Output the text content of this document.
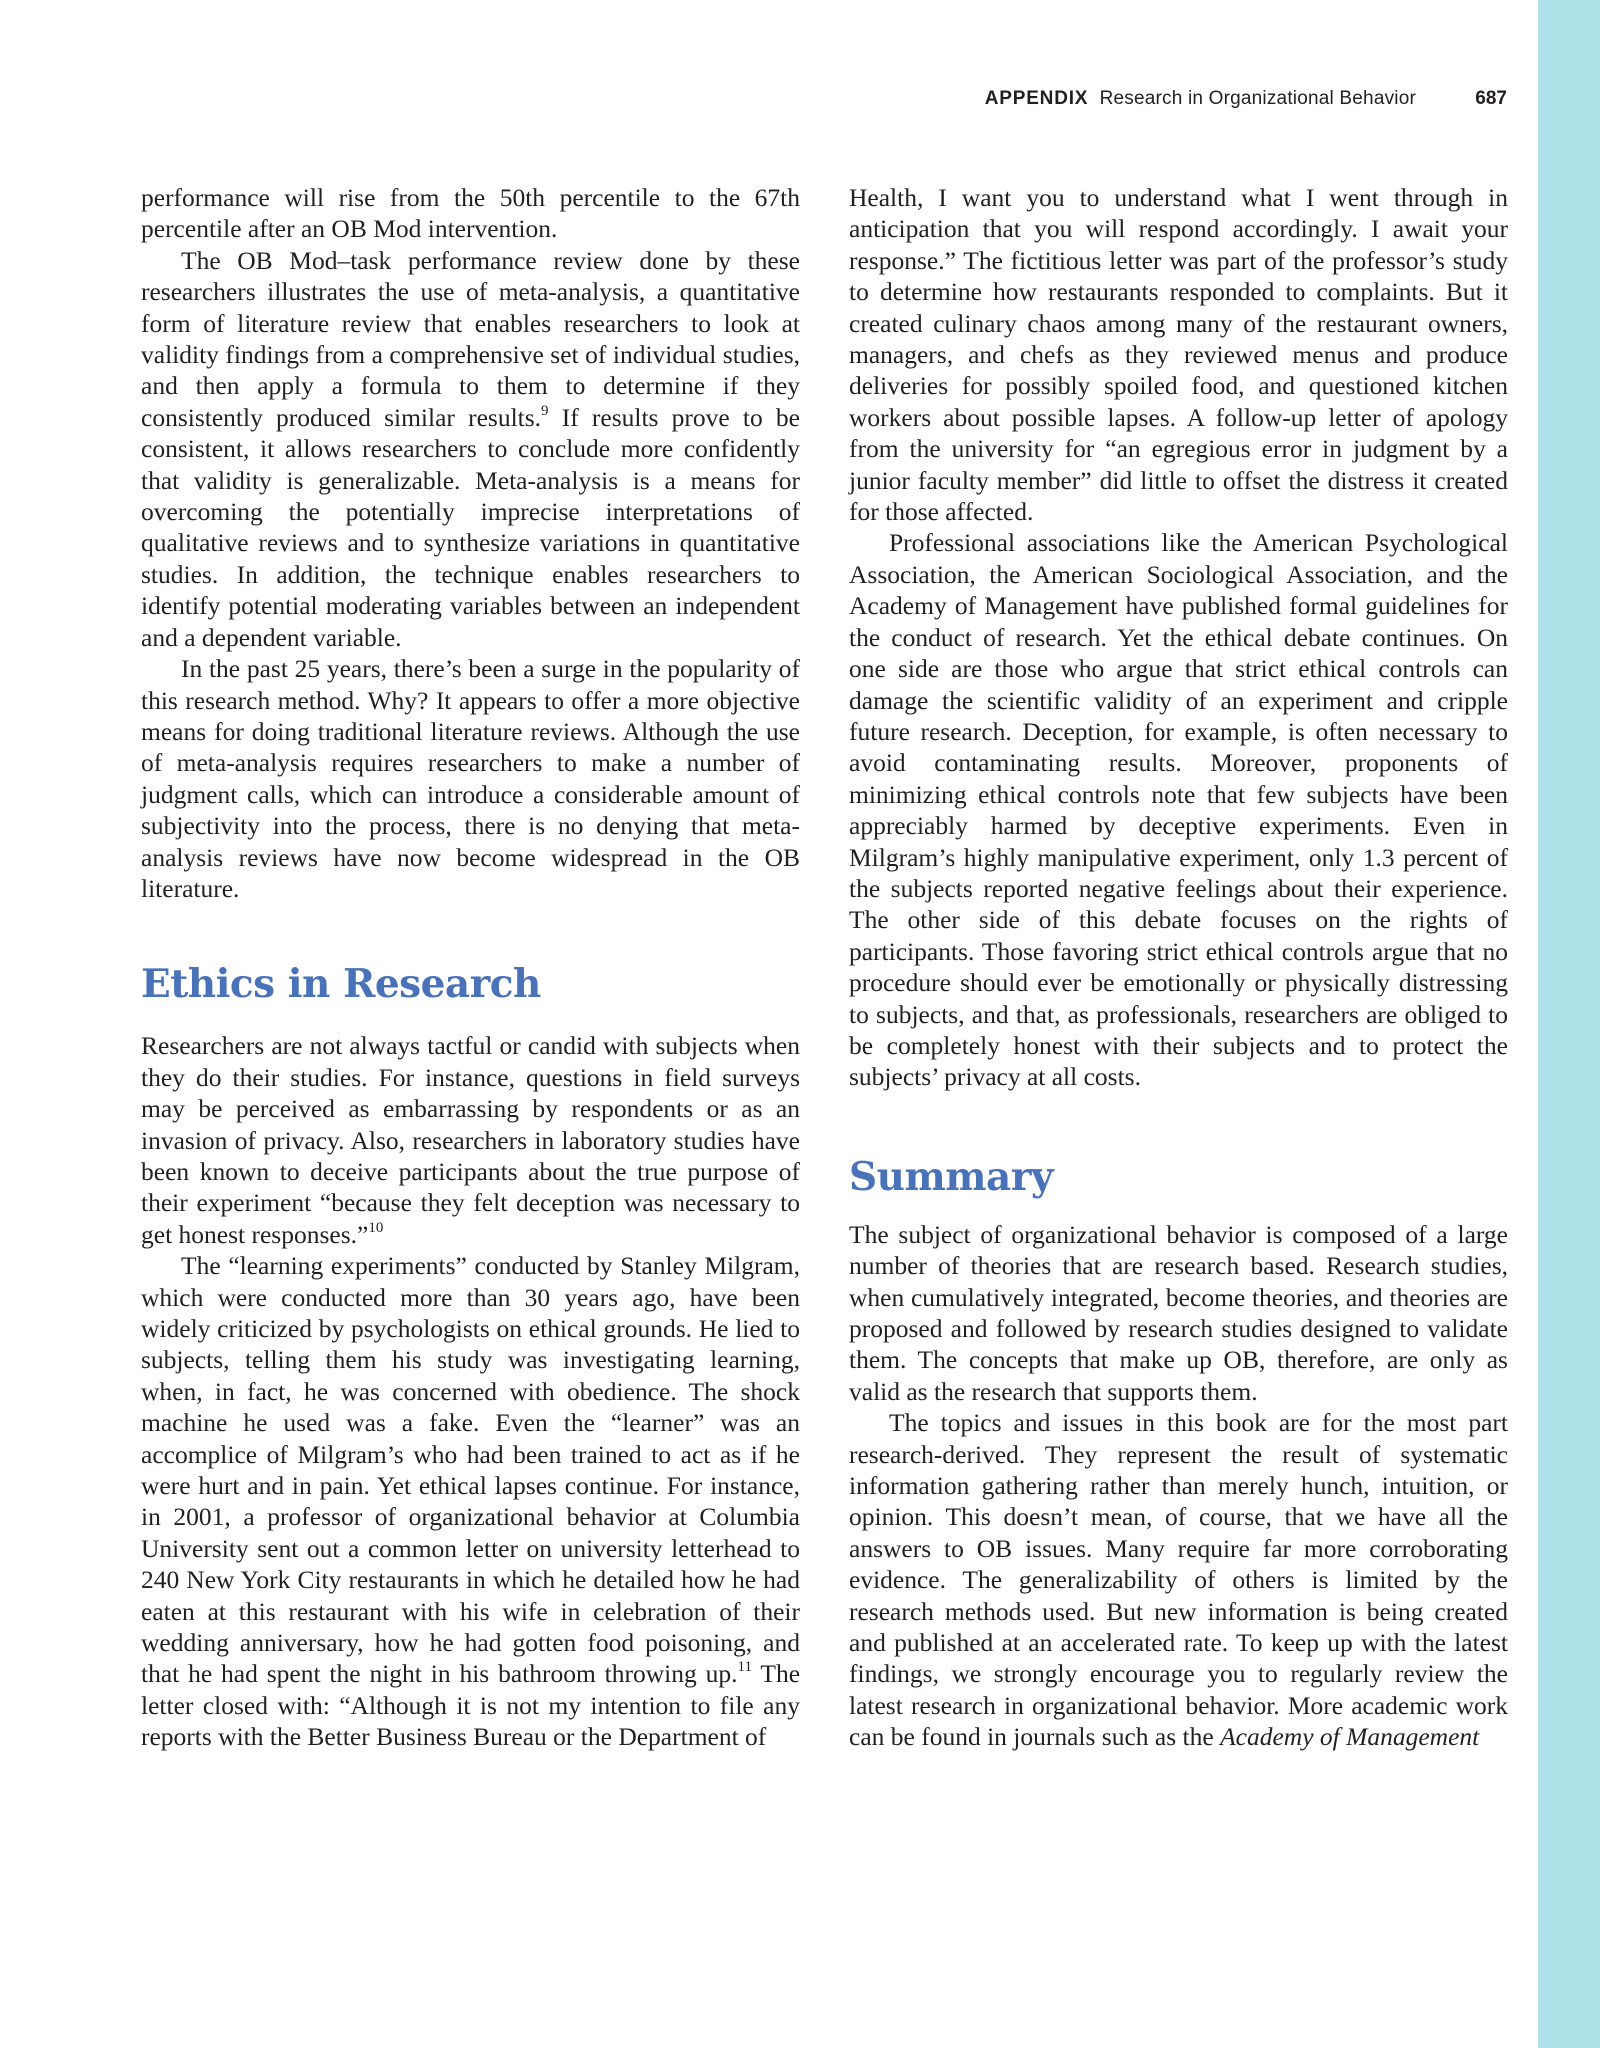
APPENDIX Research in Organizational Behavior	687

performance will rise from the 50th percentile to the 67th percentile after an OB Mod intervention.

The OB Mod–task performance review done by these researchers illustrates the use of meta-analysis, a quantitative form of literature review that enables researchers to look at validity findings from a comprehensive set of individual studies, and then apply a formula to them to determine if they consistently produced similar results.$^9$ If results prove to be consistent, it allows researchers to conclude more confidently that validity is generalizable. Meta-analysis is a means for overcoming the potentially imprecise interpretations of qualitative reviews and to synthesize variations in quantitative studies. In addition, the technique enables researchers to identify potential moderating variables between an independent and a dependent variable.

In the past 25 years, there’s been a surge in the popularity of this research method. Why? It appears to offer a more objective means for doing traditional literature reviews. Although the use of meta-analysis requires researchers to make a number of judgment calls, which can introduce a considerable amount of subjectivity into the process, there is no denying that meta-analysis reviews have now become widespread in the OB literature.

Ethics in Research

Researchers are not always tactful or candid with subjects when they do their studies. For instance, questions in field surveys may be perceived as embarrassing by respondents or as an invasion of privacy. Also, researchers in laboratory studies have been known to deceive participants about the true purpose of their experiment “because they felt deception was necessary to get honest responses.”$^{10}$

The “learning experiments” conducted by Stanley Milgram, which were conducted more than 30 years ago, have been widely criticized by psychologists on ethical grounds. He lied to subjects, telling them his study was investigating learning, when, in fact, he was concerned with obedience. The shock machine he used was a fake. Even the “learner” was an accomplice of Milgram’s who had been trained to act as if he were hurt and in pain. Yet ethical lapses continue. For instance, in 2001, a professor of organizational behavior at Columbia University sent out a common letter on university letterhead to 240 New York City restaurants in which he detailed how he had eaten at this restaurant with his wife in celebration of their wedding anniversary, how he had gotten food poisoning, and that he had spent the night in his bathroom throwing up.$^{11}$ The letter closed with: “Although it is not my intention to file any reports with the Better Business Bureau or the Department of

Health, I want you to understand what I went through in anticipation that you will respond accordingly. I await your response.” The fictitious letter was part of the professor’s study to determine how restaurants responded to complaints. But it created culinary chaos among many of the restaurant owners, managers, and chefs as they reviewed menus and produce deliveries for possibly spoiled food, and questioned kitchen workers about possible lapses. A follow-up letter of apology from the university for “an egregious error in judgment by a junior faculty member” did little to offset the distress it created for those affected.

Professional associations like the American Psychological Association, the American Sociological Association, and the Academy of Management have published formal guidelines for the conduct of research. Yet the ethical debate continues. On one side are those who argue that strict ethical controls can damage the scientific validity of an experiment and cripple future research. Deception, for example, is often necessary to avoid contaminating results. Moreover, proponents of minimizing ethical controls note that few subjects have been appreciably harmed by deceptive experiments. Even in Milgram’s highly manipulative experiment, only 1.3 percent of the subjects reported negative feelings about their experience. The other side of this debate focuses on the rights of participants. Those favoring strict ethical controls argue that no procedure should ever be emotionally or physically distressing to subjects, and that, as professionals, researchers are obliged to be completely honest with their subjects and to protect the subjects’ privacy at all costs.

Summary

The subject of organizational behavior is composed of a large number of theories that are research based. Research studies, when cumulatively integrated, become theories, and theories are proposed and followed by research studies designed to validate them. The concepts that make up OB, therefore, are only as valid as the research that supports them.

The topics and issues in this book are for the most part research-derived. They represent the result of systematic information gathering rather than merely hunch, intuition, or opinion. This doesn’t mean, of course, that we have all the answers to OB issues. Many require far more corroborating evidence. The generalizability of others is limited by the research methods used. But new information is being created and published at an accelerated rate. To keep up with the latest findings, we strongly encourage you to regularly review the latest research in organizational behavior. More academic work can be found in journals such as the Academy of Management
